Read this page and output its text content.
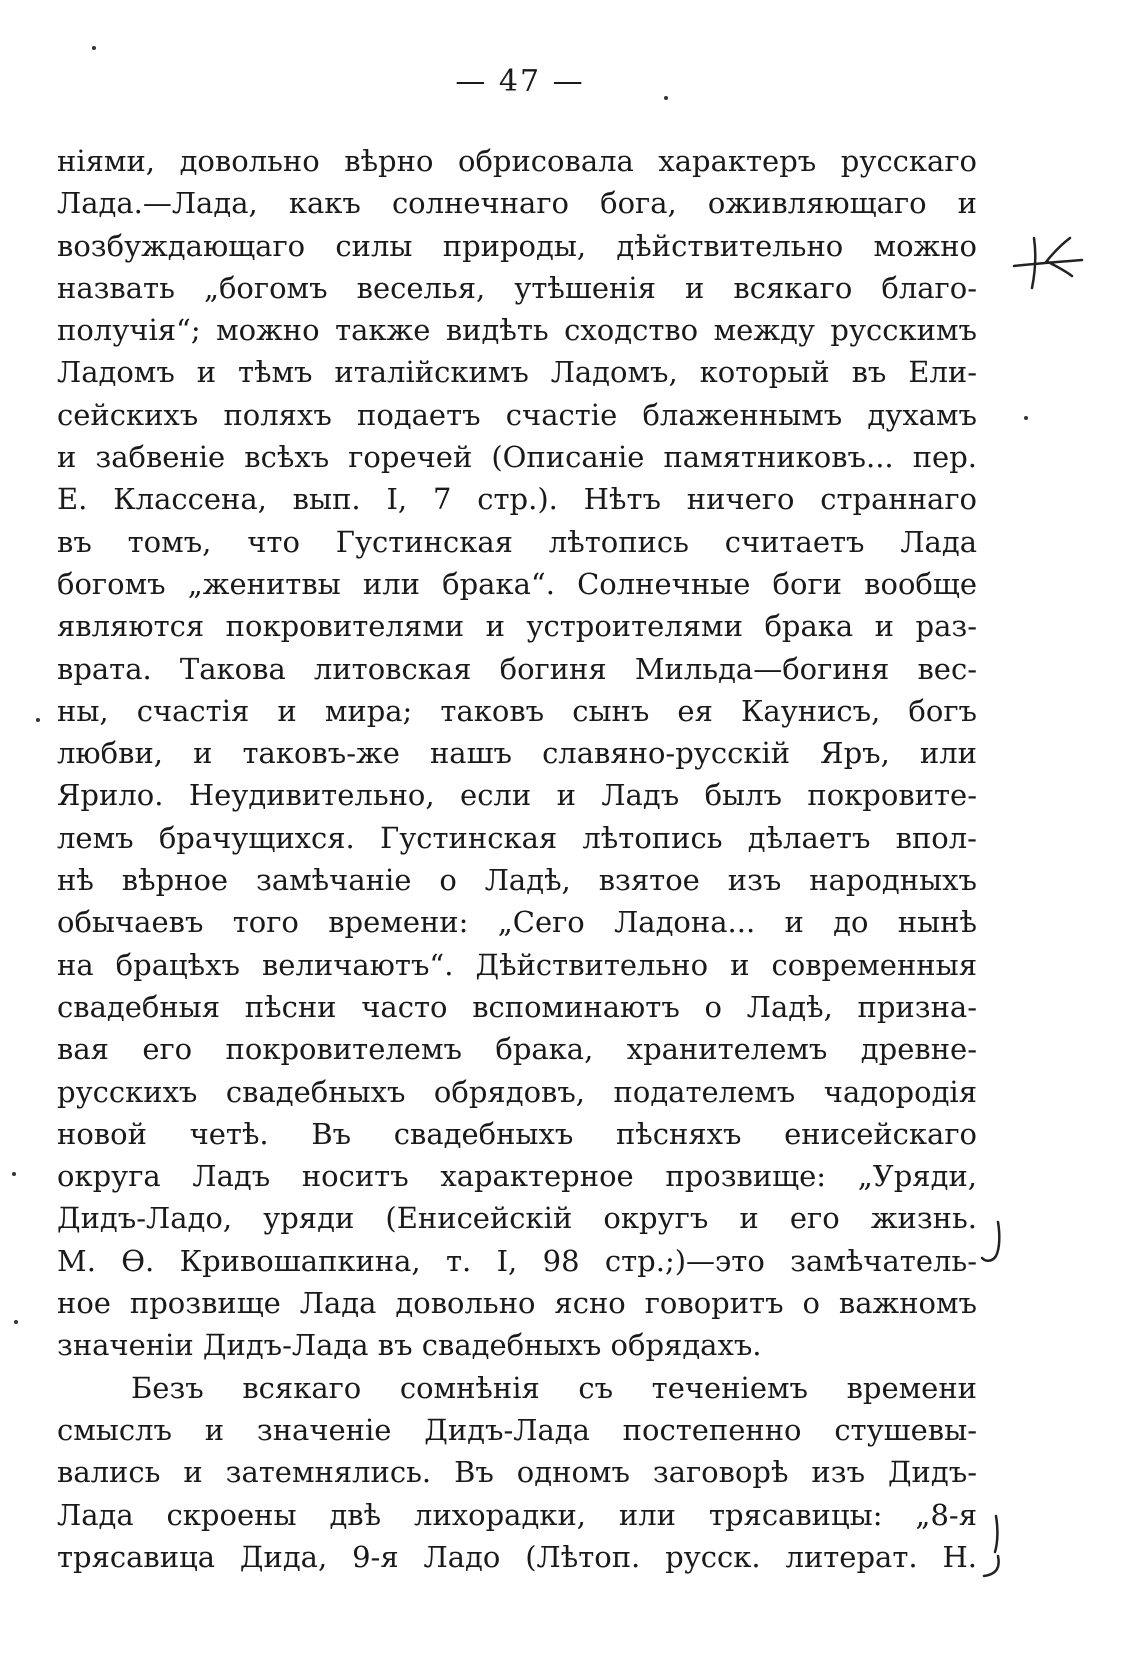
— 47 —
ніями, довольно вѣрно обрисовала характеръ русскаго
Лада.—Лада, какъ солнечнаго бога, оживляющаго и
возбуждающаго силы природы, дѣйствительно можно
назвать „богомъ веселья, утѣшенія и всякаго благо-
получія“; можно также видѣть сходство между русскимъ
Ладомъ и тѣмъ италійскимъ Ладомъ, который въ Ели-
сейскихъ поляхъ подаетъ счастіе блаженнымъ духамъ
и забвеніе всѣхъ горечей (Описаніе памятниковъ... пер.
Е. Классена, вып. I, 7 стр.). Нѣтъ ничего страннаго
въ томъ, что Густинская лѣтопись считаетъ Лада
богомъ „женитвы или брака“. Солнечные боги вообще
являются покровителями и устроителями брака и раз-
врата. Такова литовская богиня Мильда—богиня вес-
ны, счастія и мира; таковъ сынъ ея Каунисъ, богъ
любви, и таковъ-же нашъ славяно-русскій Яръ, или
Ярило. Неудивительно, если и Ладъ былъ покровите-
лемъ брачущихся. Густинская лѣтопись дѣлаетъ впол-
нѣ вѣрное замѣчаніе о Ладѣ, взятое изъ народныхъ
обычаевъ того времени: „Сего Ладона... и до нынѣ
на брацѣхъ величаютъ“. Дѣйствительно и современныя
свадебныя пѣсни часто вспоминаютъ о Ладѣ, призна-
вая его покровителемъ брака, хранителемъ древне-
русскихъ свадебныхъ обрядовъ, подателемъ чадородія
новой четѣ. Въ свадебныхъ пѣсняхъ енисейскаго
округа Ладъ носитъ характерное прозвище: „Уряди,
Дидъ-Ладо, уряди (Енисейскій округъ и его жизнь.
М. Ѳ. Кривошапкина, т. I, 98 стр.;)—это замѣчатель-
ное прозвище Лада довольно ясно говоритъ о важномъ
значеніи Дидъ-Лада въ свадебныхъ обрядахъ.
Безъ всякаго сомнѣнія съ теченіемъ времени
смыслъ и значеніе Дидъ-Лада постепенно стушевы-
вались и затемнялись. Въ одномъ заговорѣ изъ Дидъ-
Лада скроены двѣ лихорадки, или трясавицы: „8-я
трясавица Дида, 9-я Ладо (Лѣтоп. русск. литерат. Н.
